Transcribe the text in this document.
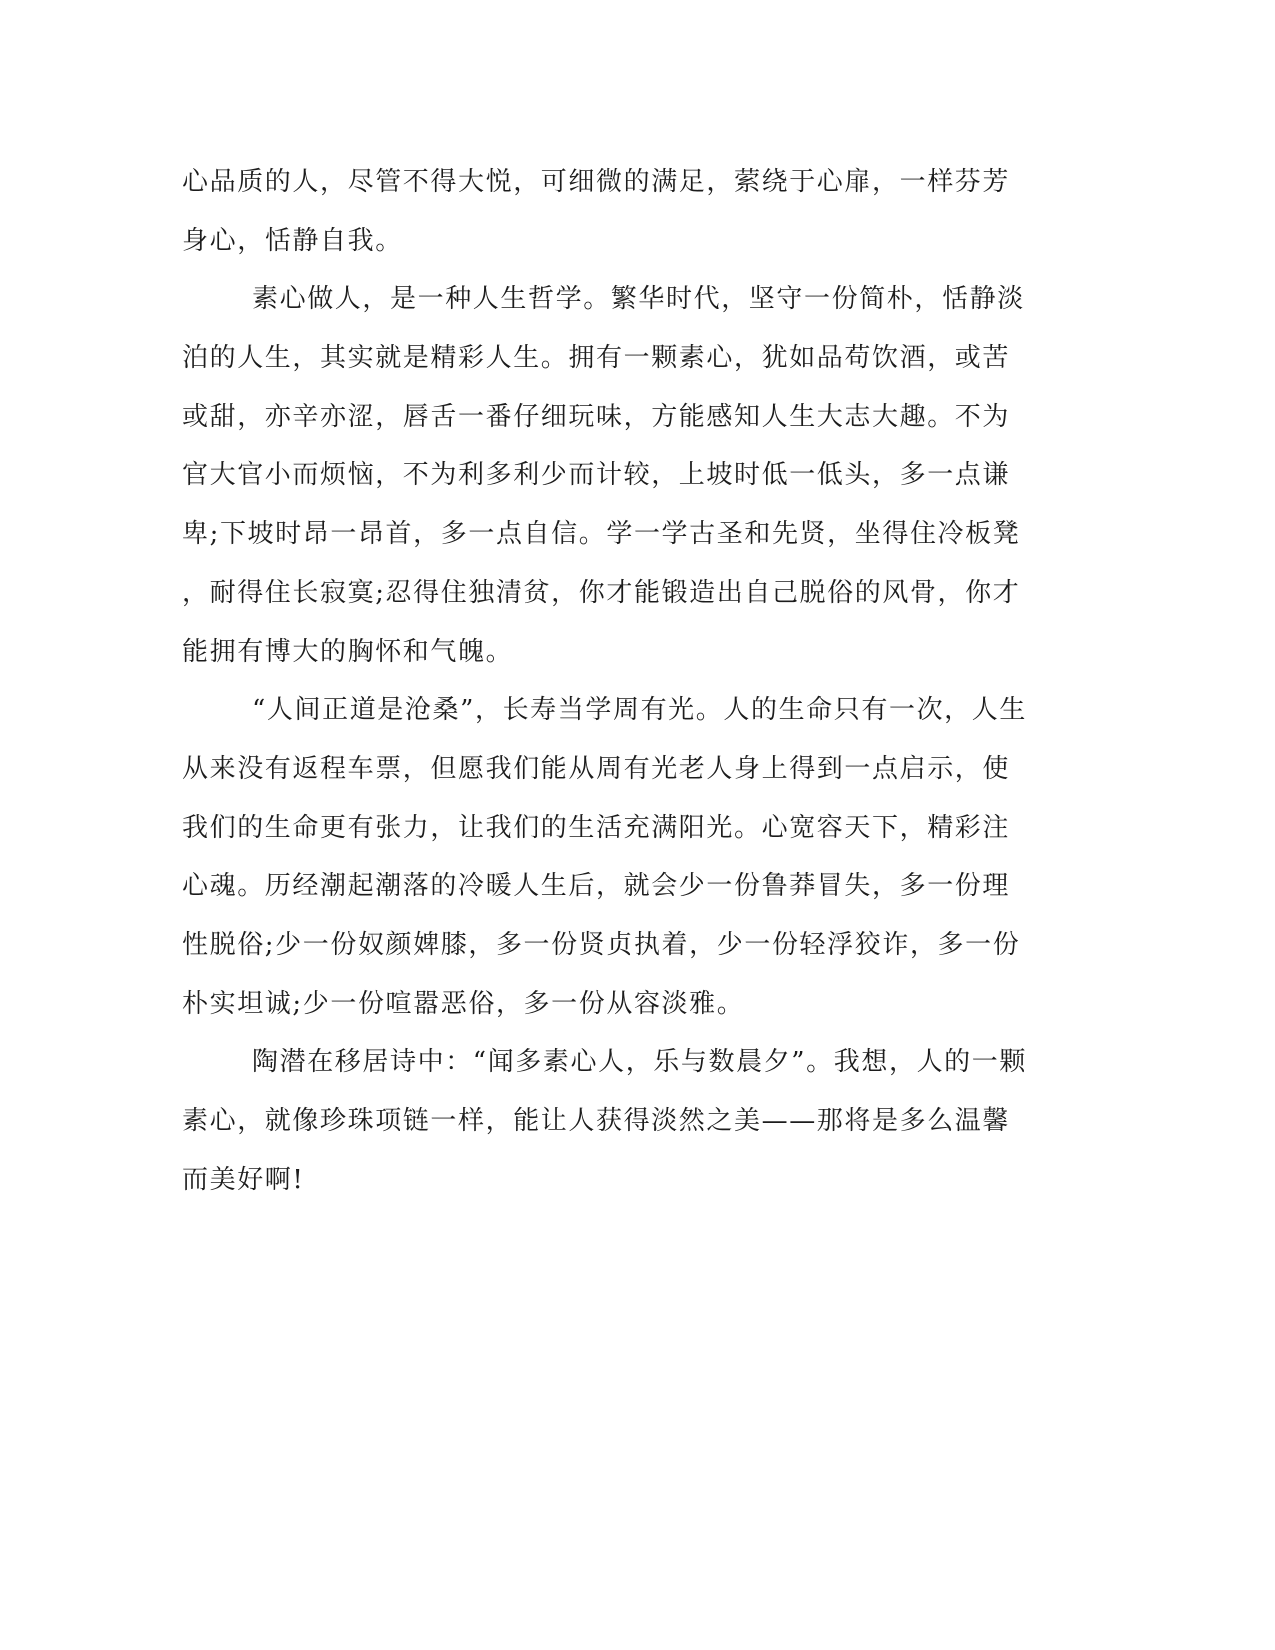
心品质的人，尽管不得大悦，可细微的满足，萦绕于心扉，一样芬芳
身心，恬静自我。
素心做人，是一种人生哲学。繁华时代，坚守一份简朴，恬静淡
泊的人生，其实就是精彩人生。拥有一颗素心，犹如品苟饮酒，或苦
或甜，亦辛亦涩，唇舌一番仔细玩味，方能感知人生大志大趣。不为
官大官小而烦恼，不为利多利少而计较，上坡时低一低头，多一点谦
卑;下坡时昂一昂首，多一点自信。学一学古圣和先贤，坐得住冷板凳
，耐得住长寂寞;忍得住独清贫，你才能锻造出自己脱俗的风骨，你才
能拥有博大的胸怀和气魄。
“人间正道是沧桑”，长寿当学周有光。人的生命只有一次，人生
从来没有返程车票，但愿我们能从周有光老人身上得到一点启示，使
我们的生命更有张力，让我们的生活充满阳光。心宽容天下，精彩注
心魂。历经潮起潮落的冷暖人生后，就会少一份鲁莽冒失，多一份理
性脱俗;少一份奴颜婢膝，多一份贤贞执着，少一份轻浮狡诈，多一份
朴实坦诚;少一份喧嚣恶俗，多一份从容淡雅。
陶潜在移居诗中：“闻多素心人，乐与数晨夕”。我想，人的一颗
素心，就像珍珠项链一样，能让人获得淡然之美——那将是多么温馨
而美好啊!
